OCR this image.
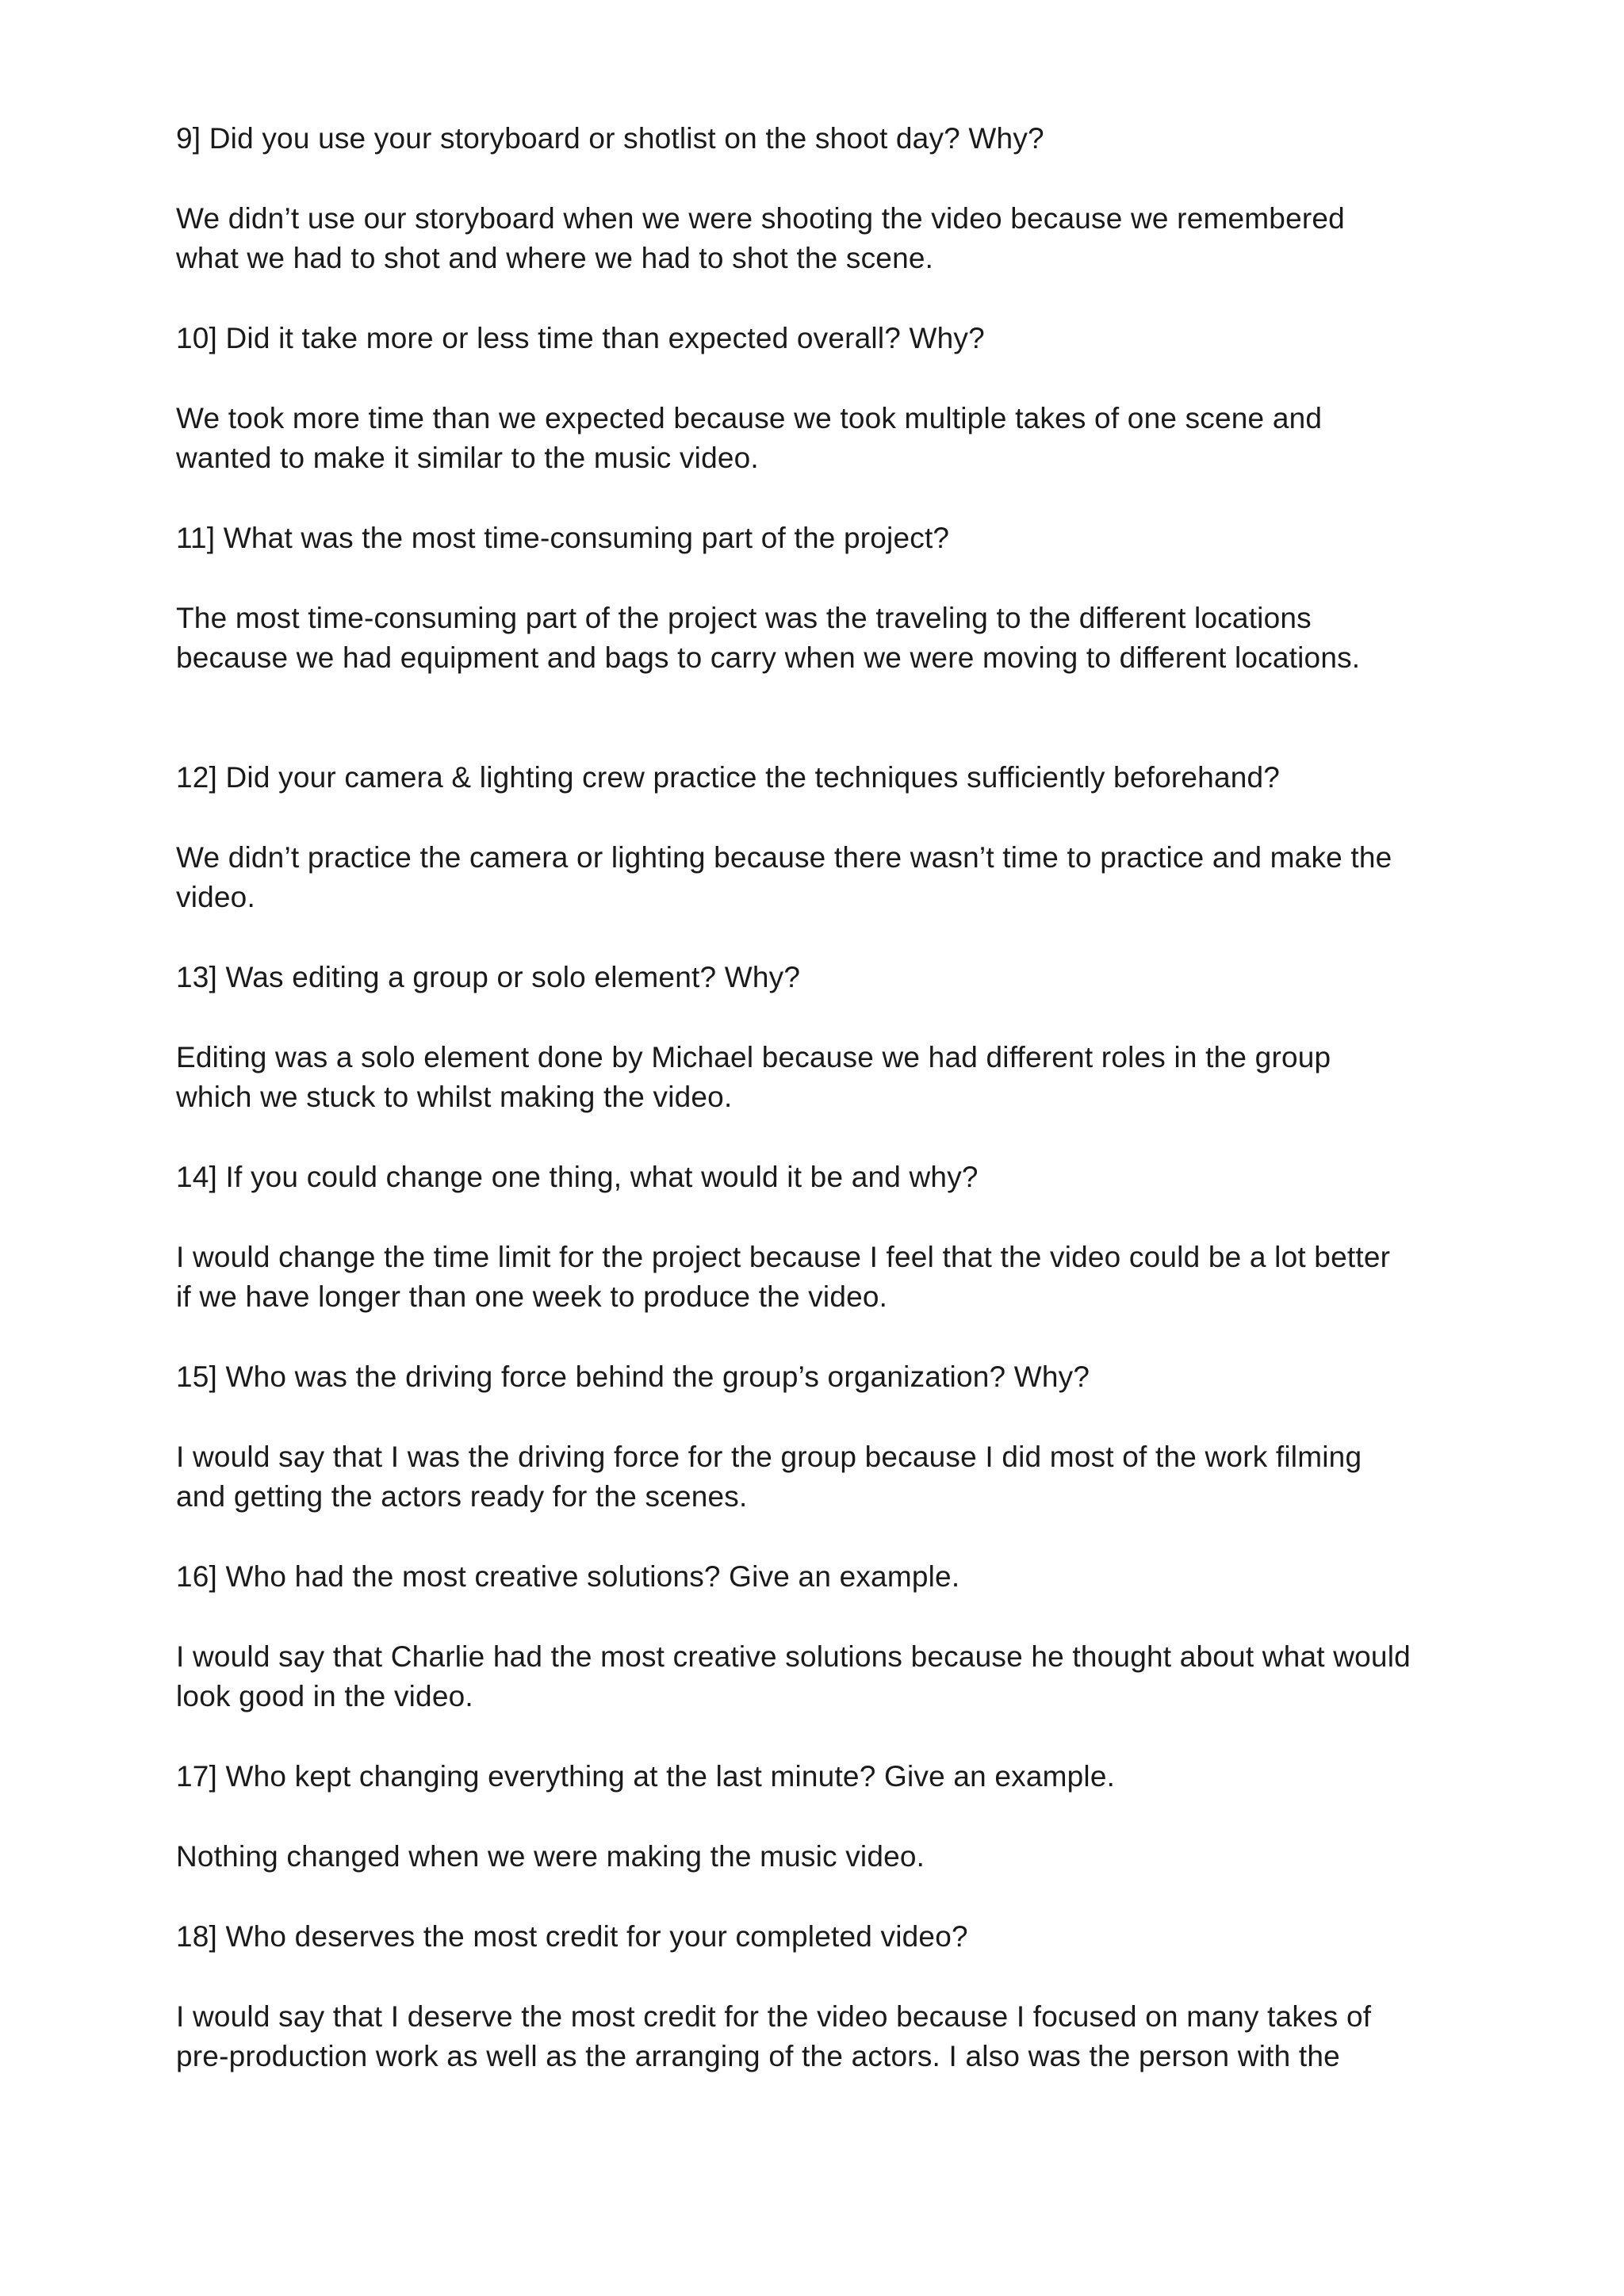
9] Did you use your storyboard or shotlist on the shoot day? Why?

We didn’t use our storyboard when we were shooting the video because we remembered what we had to shot and where we had to shot the scene.

10] Did it take more or less time than expected overall? Why?

We took more time than we expected because we took multiple takes of one scene and wanted to make it similar to the music video.

11] What was the most time-consuming part of the project?

The most time-consuming part of the project was the traveling to the different locations because we had equipment and bags to carry when we were moving to different locations.

12] Did your camera & lighting crew practice the techniques sufficiently beforehand?

We didn’t practice the camera or lighting because there wasn’t time to practice and make the video.

13] Was editing a group or solo element? Why?

Editing was a solo element done by Michael because we had different roles in the group which we stuck to whilst making the video.

14] If you could change one thing, what would it be and why?

I would change the time limit for the project because I feel that the video could be a lot better if we have longer than one week to produce the video.

15] Who was the driving force behind the group’s organization? Why?

I would say that I was the driving force for the group because I did most of the work filming and getting the actors ready for the scenes.

16] Who had the most creative solutions? Give an example.

I would say that Charlie had the most creative solutions because he thought about what would look good in the video.

17] Who kept changing everything at the last minute? Give an example.

Nothing changed when we were making the music video.

18] Who deserves the most credit for your completed video?

I would say that I deserve the most credit for the video because I focused on many takes of pre-production work as well as the arranging of the actors. I also was the person with the
